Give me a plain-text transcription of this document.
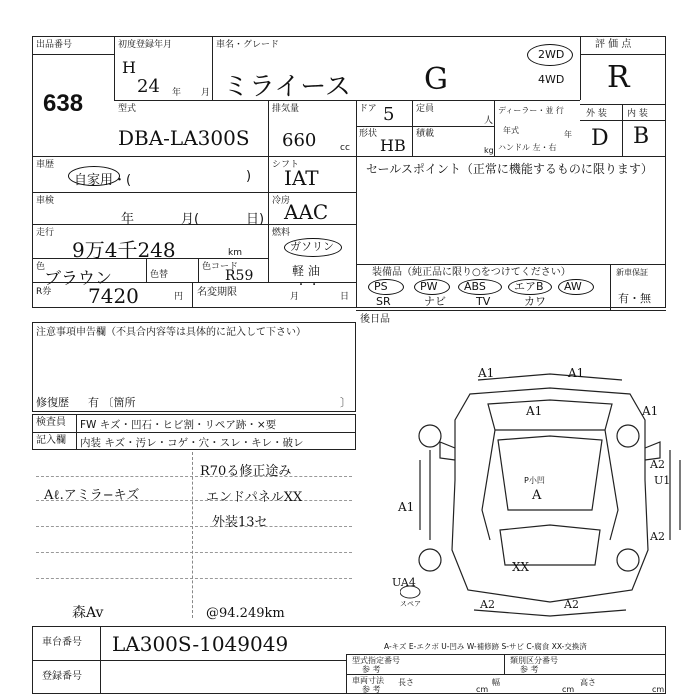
出品番号
638
初度登録年月
H
24 年 月
車名・グレード
ミライース G
2WD
4WD
評 価 点
R
型式
DBA-LA300S
排気量
660	cc
ドア 5 定員
人
形状
HB
積載
kg
ディーラー・並 行
年式	年
ハンドル 左・右
外 装 内 装
D B
車歴
自家用・(	)
シフト
IAT	セールスポイント（正常に機能するものに限ります）
車検
年	月(	日)
冷房
AAC
走行
9万4千248	km
燃料
ガソリン
軽 油
・ ・
色
ブラウン	色替
色コード
R59
R券 7420	円 名変期限	月	日
装備品（純正品に限り○をつけてください）	新車保証
有・無
PS	PW ABS	エアB AW
SR	ナビ	TV	カワ
後日品
注意事項申告欄（不具合内容等は具体的に記入して下さい）
修復歴 有 〔箇所	〕
検査員
記入欄
FW キズ・凹石・ヒビ割・リペア跡・×要
内装 キズ・汚レ・コゲ・穴・スレ・キレ・破レ
Aℓ.アミラ−キズ
R70る修正途み
エンドパネルXX
外装13セ
森Av	@94.249km
A1	A1
A1	A1
A1
A2
U1
A2
A2	A2
UA4
P小凹
A
XX
スペア
A-キズ E-エクボ U-凹み W-補修跡 S-サビ C-腐食 XX-交換済
車台番号 LA300S-1049049
登録番号
型式指定番号
参 考
類別区分番号
参 考
車両寸法
参 考
長さ
cm
幅
cm
高さ
cm
